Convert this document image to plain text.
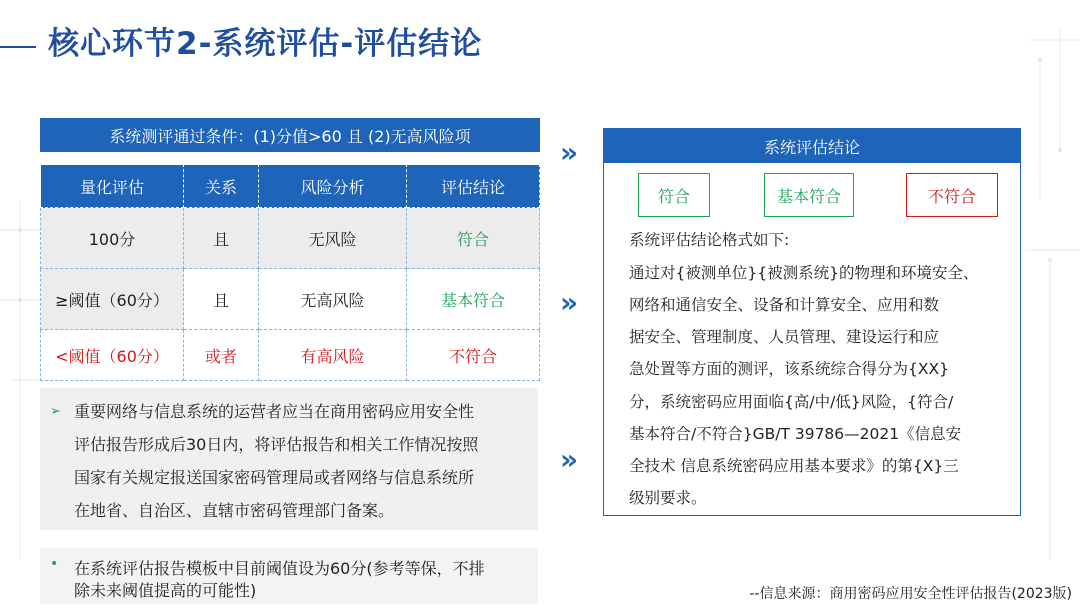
核心环节2-系统评估-评估结论
系统测评通过条件：(1)分值>60 且 (2)无高风险项
量化评估	关系	风险分析	评估结论
100分	且	无风险	符合
≥阈值（60分）	且	无高风险	基本符合
<阈值（60分）	或者	有高风险	不符合
➢ 重要网络与信息系统的运营者应当在商用密码应用安全性
评估报告形成后30日内，将评估报告和相关工作情况按照
国家有关规定报送国家密码管理局或者网络与信息系统所
在地省、自治区、直辖市密码管理部门备案。
• 在系统评估报告模板中目前阈值设为60分(参考等保，不排
除未来阈值提高的可能性)
»
»
»
系统评估结论
符合	基本符合	不符合
系统评估结论格式如下:
通过对{被测单位}{被测系统}的物理和环境安全、
网络和通信安全、设备和计算安全、应用和数
据安全、管理制度、人员管理、建设运行和应
急处置等方面的测评，该系统综合得分为{XX}
分，系统密码应用面临{高/中/低}风险，{符合/
基本符合/不符合}GB/T 39786—2021《信息安
全技术 信息系统密码应用基本要求》的第{X}三
级别要求。
--信息来源：商用密码应用安全性评估报告(2023版)
